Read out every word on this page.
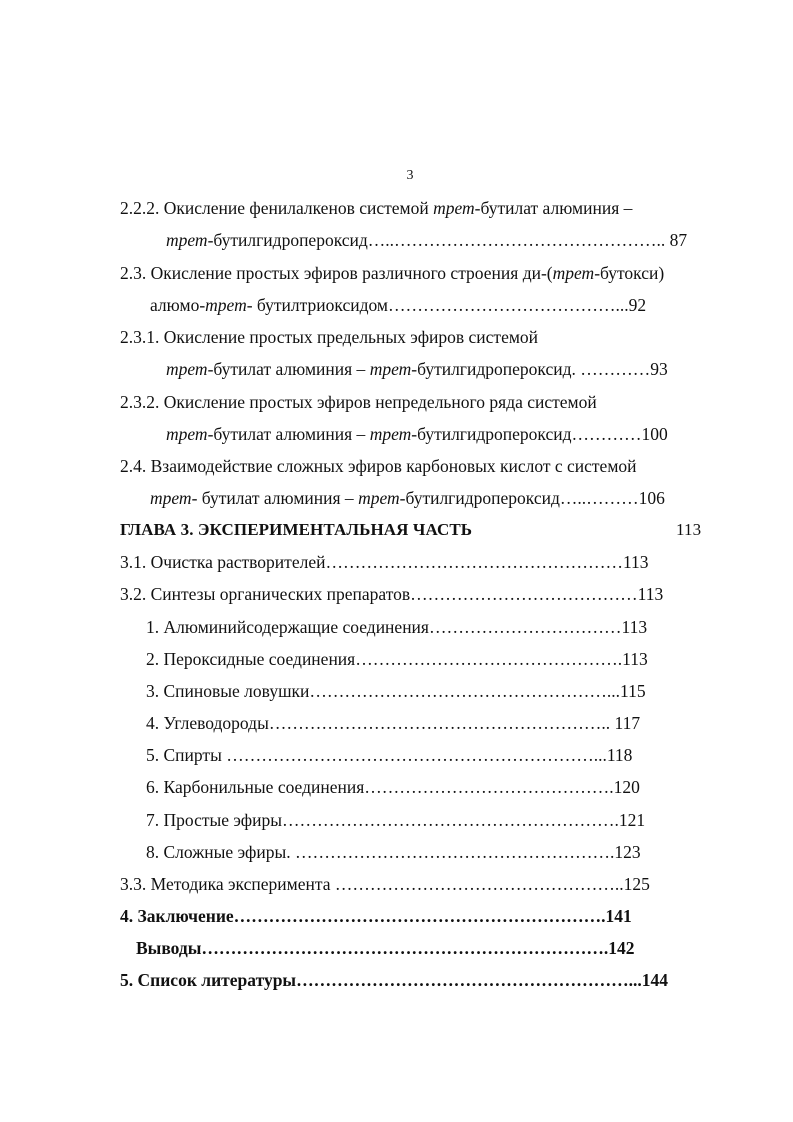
3
2.2.2. Окисление фенилалкенов системой трет-бутилат алюминия –
трет-бутилгидропероксид…..……………………………………….. 87
2.3. Окисление простых эфиров различного строения ди-(трет-бутокси)
алюмо-трет- бутилтриоксидом…………………………………...92
2.3.1. Окисление простых предельных эфиров системой
трет-бутилат алюминия – трет-бутилгидропероксид. …………93
2.3.2. Окисление простых эфиров непредельного ряда системой
трет-бутилат алюминия – трет-бутилгидропероксид…………100
2.4. Взаимодействие сложных эфиров карбоновых кислот с системой
трет- бутилат алюминия – трет-бутилгидропероксид…..………106
ГЛАВА 3. ЭКСПЕРИМЕНТАЛЬНАЯ ЧАСТЬ	113
3.1. Очистка растворителей……………………………………………113
3.2. Синтезы органических препаратов…………………………………113
1. Алюминийсодержащие соединения……………………………113
2. Пероксидные соединения……………………………………….113
3. Спиновые ловушки……………………………………………...115
4. Углеводороды………………………………………………….. 117
5. Спирты ………………………………………………………...118
6. Карбонильные соединения…………………………………….120
7. Простые эфиры………………………………………………….121
8. Сложные эфиры. ……………………………………………….123
3.3. Методика эксперимента …………………………………………..125
4. Заключение……………………………………………………….141
Выводы…………………………………………………………….142
5. Список литературы…………………………………………………...144
